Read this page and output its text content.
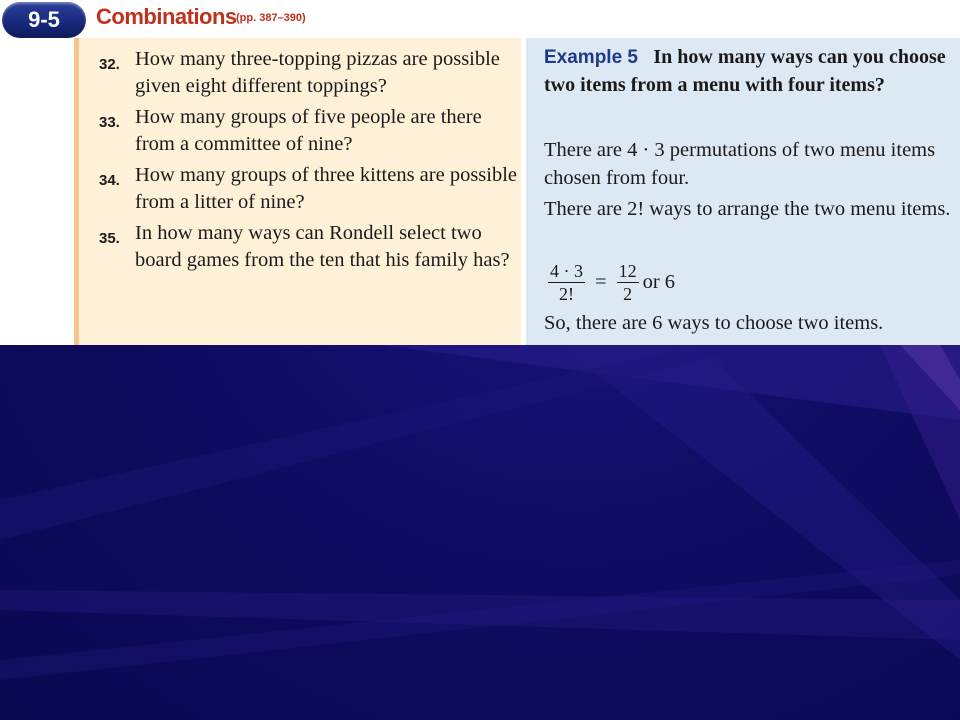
9-5	Combinations (pp. 387–390)
32. How many three-topping pizzas are possible given eight different toppings?
33. How many groups of five people are there from a committee of nine?
34. How many groups of three kittens are possible from a litter of nine?
35. In how many ways can Rondell select two board games from the ten that his family has?
Example 5 In how many ways can you choose two items from a menu with four items?
There are 4 · 3 permutations of two menu items chosen from four.
There are 2! ways to arrange the two menu items.
$\frac{4 \cdot 3}{2!} = \frac{12}{2}$ or 6
So, there are 6 ways to choose two items.
